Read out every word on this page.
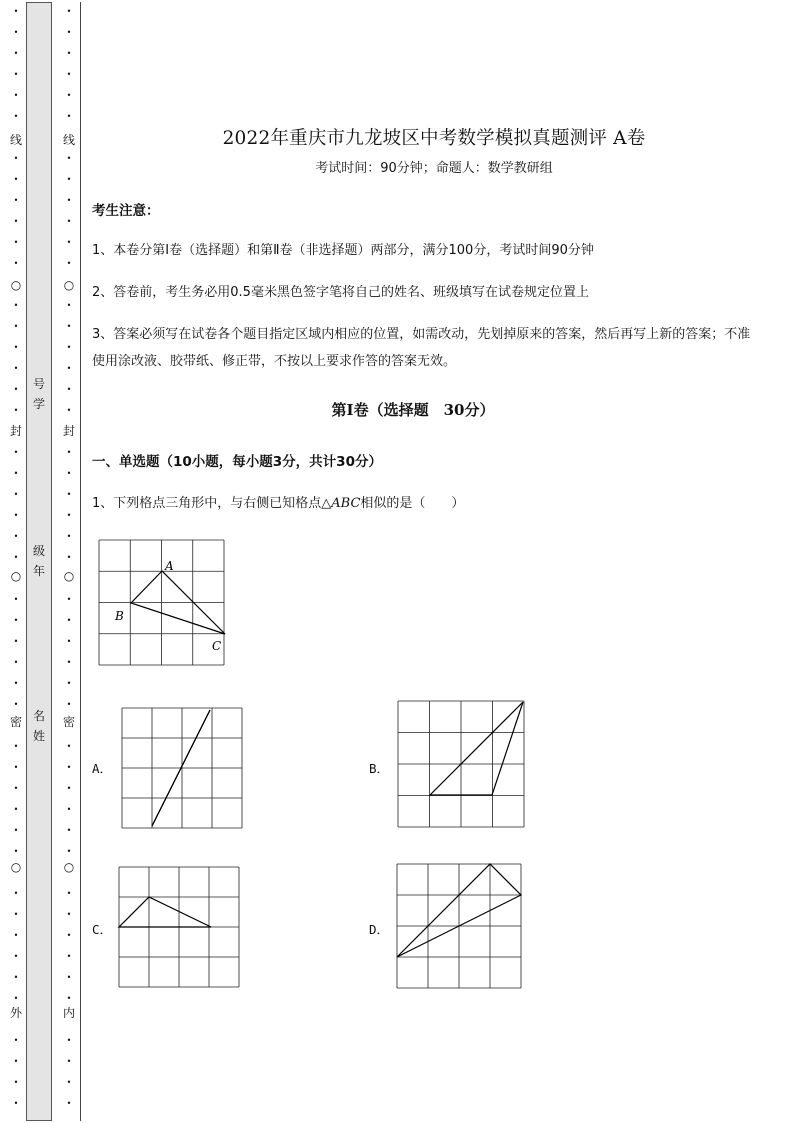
•
•
•
•
•
•
线
•
•
•
•
•
•
○
•
•
•
•
•
•
封
•
•
•
•
•
•
○
•
•
•
•
•
•
密
•
•
•
•
•
•
○
•
•
•
•
•
•
外
•
•
•
•
•
•
•
•
•
•
线
•
•
•
•
•
•
○
•
•
•
•
•
•
封
•
•
•
•
•
•
○
•
•
•
•
•
•
密
•
•
•
•
•
•
○
•
•
•
•
•
•
内
•
•
•
•
号
学
级
年
名
姓
2022年重庆市九龙坡区中考数学模拟真题测评 A卷
考试时间：90分钟；命题人：数学教研组
考生注意：
1、本卷分第I卷（选择题）和第Ⅱ卷（非选择题）两部分，满分100分，考试时间90分钟
2、答卷前，考生务必用0.5毫米黑色签字笔将自己的姓名、班级填写在试卷规定位置上
3、答案必须写在试卷各个题目指定区域内相应的位置，如需改动，先划掉原来的答案，然后再写上新的答案；不准使用涂改液、胶带纸、修正带，不按以上要求作答的答案无效。
第I卷（选择题　30分）
一、单选题（10小题，每小题3分，共计30分）
1、下列格点三角形中，与右侧已知格点△ABC相似的是（　　）
A
B
C
A．	B．
C．	D．
